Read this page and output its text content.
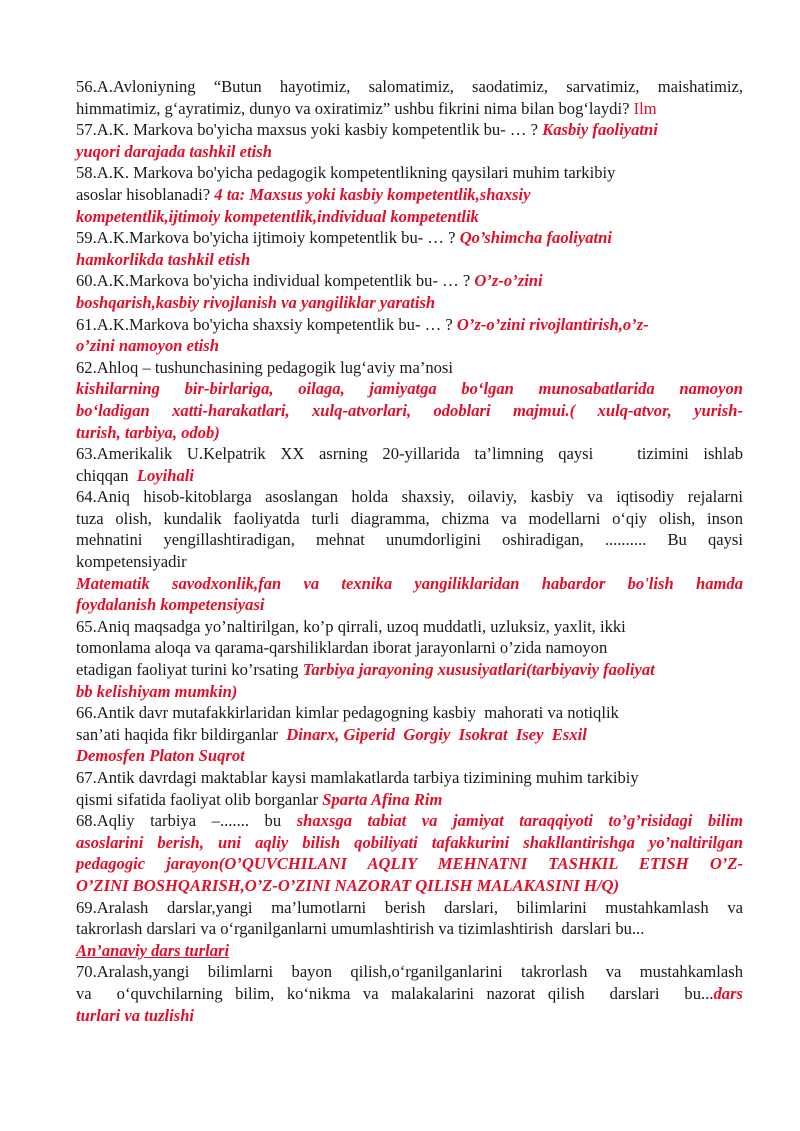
56.A.Avloniyning “Butun hayotimiz, salomatimiz, saodatimiz, sarvatimiz, maishatimiz,
himmatimiz, g‘ayratimiz, dunyo va oxiratimiz” ushbu fikrini nima bilan bog‘laydi? Ilm

57.A.K. Markova bo'yicha maxsus yoki kasbiy kompetentlik bu- … ? Kasbiy faoliyatni
yuqori darajada tashkil etish

58.A.K. Markova bo'yicha pedagogik kompetentlikning qaysilari muhim tarkibiy
asoslar hisoblanadi? 4 ta: Maxsus yoki kasbiy kompetentlik,shaxsiy
kompetentlik,ijtimoiy kompetentlik,individual kompetentlik

59.A.K.Markova bo'yicha ijtimoiy kompetentlik bu- … ? Qo’shimcha faoliyatni
hamkorlikda tashkil etish

60.A.K.Markova bo'yicha individual kompetentlik bu- … ? O’z-o’zini
boshqarish,kasbiy rivojlanish va yangiliklar yaratish

61.A.K.Markova bo'yicha shaxsiy kompetentlik bu- … ? O’z-o’zini rivojlantirish,o’z-
o’zini namoyon etish

62.Ahloq – tushunchasining pedagogik lug‘aviy ma’nosi
kishilarning bir-birlariga, oilaga, jamiyatga bo‘lgan munosabatlarida namoyon
bo‘ladigan xatti-harakatlari, xulq-atvorlari, odoblari majmui.( xulq-atvor, yurish-
turish, tarbiya, odob)

63.Amerikalik U.Kelpatrik XX asrning 20-yillarida ta’limning qaysi   tizimini ishlab
chiqqan  Loyihali

64.Aniq hisob-kitoblarga asoslangan holda shaxsiy, oilaviy, kasbiy va iqtisodiy rejalarni
tuza olish, kundalik faoliyatda turli diagramma, chizma va modellarni o‘qiy olish, inson
mehnatini yengillashtiradigan, mehnat unumdorligini oshiradigan, .......... Bu qaysi
kompetensiyadir
Matematik savodxonlik,fan va texnika yangiliklaridan habardor bo'lish hamda
foydalanish kompetensiyasi

65.Aniq maqsadga yo’naltirilgan, ko’p qirrali, uzoq muddatli, uzluksiz, yaxlit, ikki
tomonlama aloqa va qarama-qarshiliklardan iborat jarayonlarni o’zida namoyon
etadigan faoliyat turini ko’rsating Tarbiya jarayoning xususiyatlari(tarbiyaviy faoliyat
bb kelishiyam mumkin)

66.Antik davr mutafakkirlaridan kimlar pedagogning kasbiy  mahorati va notiqlik
san’ati haqida fikr bildirganlar  Dinarx, Giperid  Gorgiy  Isokrat  Isey  Esxil
Demosfen Platon Suqrot

67.Antik davrdagi maktablar kaysi mamlakatlarda tarbiya tizimining muhim tarkibiy
qismi sifatida faoliyat olib borganlar Sparta Afina Rim

68.Aqliy tarbiya –....... bu shaxsga tabiat va jamiyat taraqqiyoti to’g’risidagi bilim
asoslarini berish, uni aqliy bilish qobiliyati tafakkurini shakllantirishga yo’naltirilgan
pedagogic jarayon(O’QUVCHILANI AQLIY MEHNATNI TASHKIL ETISH O’Z-
O’ZINI BOSHQARISH,O’Z-O’ZINI NAZORAT QILISH MALAKASINI H/Q)

69.Aralash darslar,yangi ma’lumotlarni berish darslari, bilimlarini mustahkamlash va
takrorlash darslari va o‘rganilganlarni umumlashtirish va tizimlashtirish  darslari bu...
An’anaviy dars turlari

70.Aralash,yangi bilimlarni bayon qilish,o‘rganilganlarini takrorlash va mustahkamlash
va  o‘quvchilarning bilim, ko‘nikma va malakalarini nazorat qilish  darslari  bu...dars
turlari va tuzlishi
